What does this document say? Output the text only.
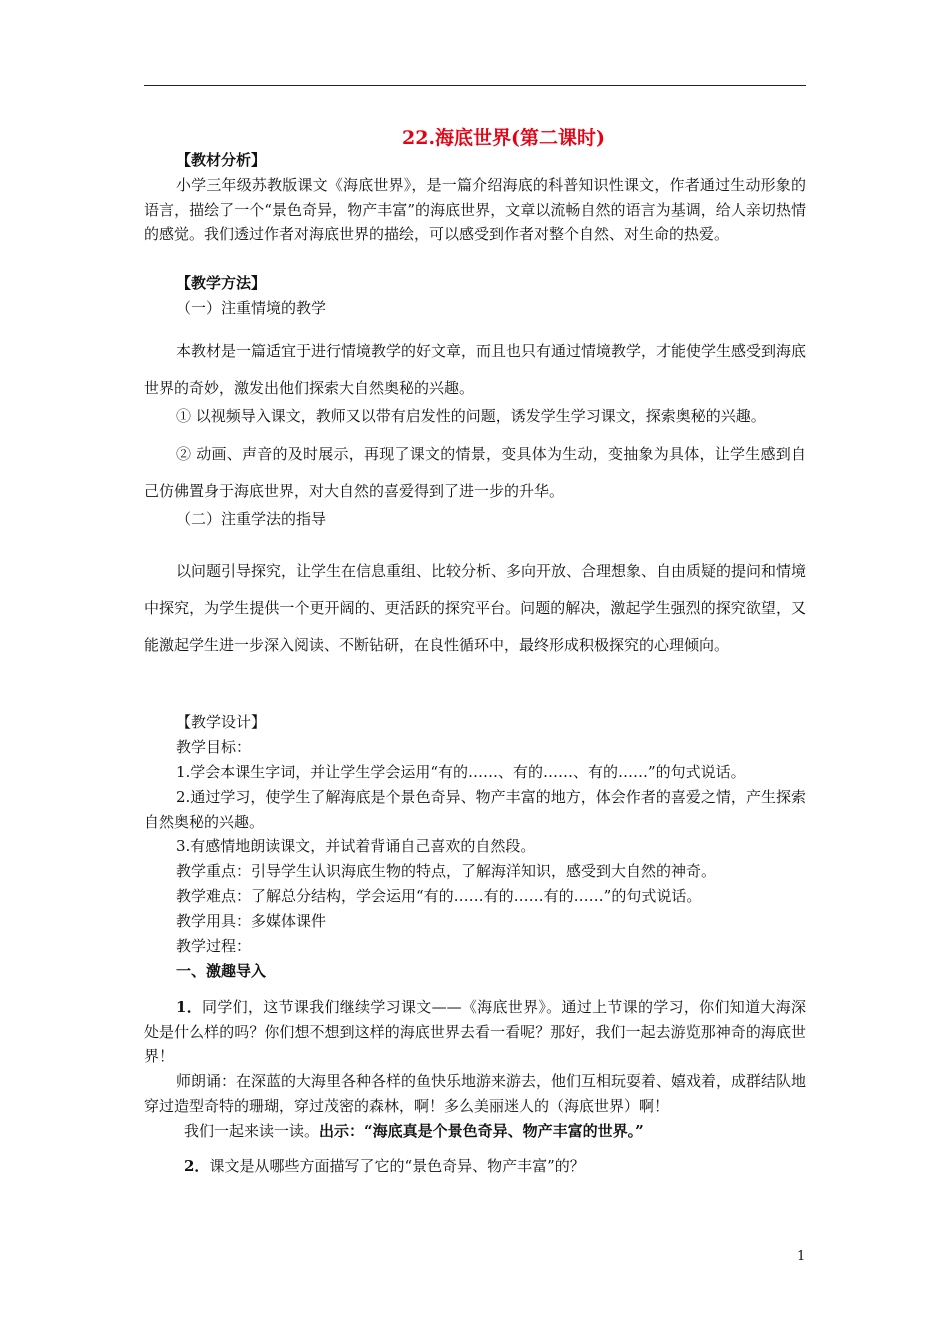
22.海底世界(第二课时)

【教材分析】

小学三年级苏教版课文《海底世界》，是一篇介绍海底的科普知识性课文，作者通过生动形象的语言，描绘了一个“景色奇异，物产丰富”的海底世界，文章以流畅自然的语言为基调，给人亲切热情的感觉。我们透过作者对海底世界的描绘，可以感受到作者对整个自然、对生命的热爱。

【教学方法】

（一）注重情境的教学

本教材是一篇适宜于进行情境教学的好文章，而且也只有通过情境教学，才能使学生感受到海底世界的奇妙，激发出他们探索大自然奥秘的兴趣。

① 以视频导入课文，教师又以带有启发性的问题，诱发学生学习课文，探索奥秘的兴趣。

② 动画、声音的及时展示，再现了课文的情景，变具体为生动，变抽象为具体，让学生感到自己仿佛置身于海底世界，对大自然的喜爱得到了进一步的升华。

（二）注重学法的指导

以问题引导探究，让学生在信息重组、比较分析、多向开放、合理想象、自由质疑的提问和情境中探究，为学生提供一个更开阔的、更活跃的探究平台。问题的解决，激起学生强烈的探究欲望，又能激起学生进一步深入阅读、不断钻研，在良性循环中，最终形成积极探究的心理倾向。

【教学设计】

教学目标：

1.学会本课生字词，并让学生学会运用“有的……、有的……、有的……”的句式说话。

2.通过学习，使学生了解海底是个景色奇异、物产丰富的地方，体会作者的喜爱之情，产生探索自然奥秘的兴趣。

3.有感情地朗读课文，并试着背诵自己喜欢的自然段。

教学重点：引导学生认识海底生物的特点，了解海洋知识，感受到大自然的神奇。

教学难点：了解总分结构，学会运用“有的……有的……有的……”的句式说话。

教学用具：多媒体课件

教学过程：

一、激趣导入

1．同学们，这节课我们继续学习课文——《海底世界》。通过上节课的学习，你们知道大海深处是什么样的吗？你们想不想到这样的海底世界去看一看呢？那好，我们一起去游览那神奇的海底世界！

师朗诵：在深蓝的大海里各种各样的鱼快乐地游来游去，他们互相玩耍着、嬉戏着，成群结队地穿过造型奇特的珊瑚，穿过茂密的森林，啊！多么美丽迷人的（海底世界）啊！

我们一起来读一读。出示：“海底真是个景色奇异、物产丰富的世界。”

2．课文是从哪些方面描写了它的“景色奇异、物产丰富”的？

1
